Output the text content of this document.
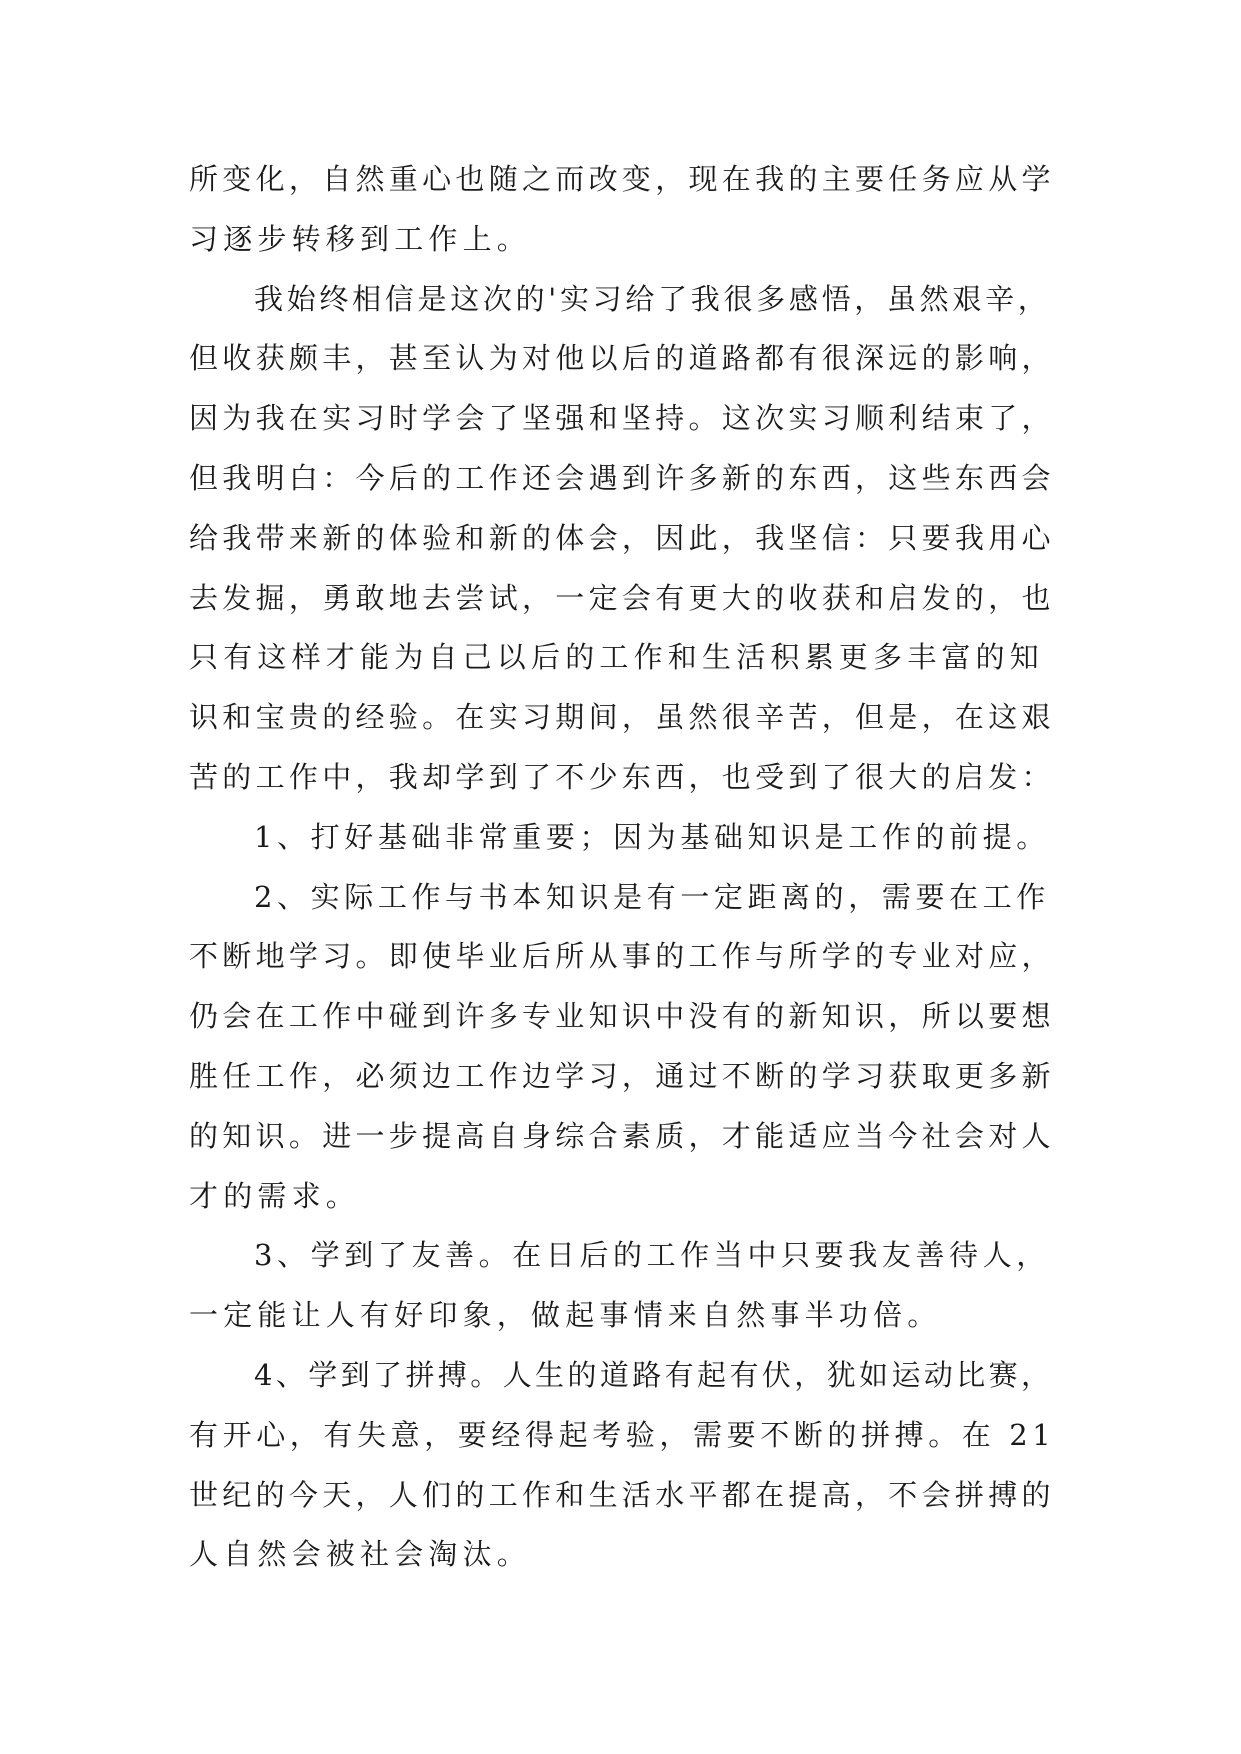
所变化，自然重心也随之而改变，现在我的主要任务应从学
习逐步转移到工作上。
我始终相信是这次的'实习给了我很多感悟，虽然艰辛，
但收获颇丰，甚至认为对他以后的道路都有很深远的影响，
因为我在实习时学会了坚强和坚持。这次实习顺利结束了，
但我明白：今后的工作还会遇到许多新的东西，这些东西会
给我带来新的体验和新的体会，因此，我坚信：只要我用心
去发掘，勇敢地去尝试，一定会有更大的收获和启发的，也
只有这样才能为自己以后的工作和生活积累更多丰富的知
识和宝贵的经验。在实习期间，虽然很辛苦，但是，在这艰
苦的工作中，我却学到了不少东西，也受到了很大的启发：
1、打好基础非常重要；因为基础知识是工作的前提。
2、实际工作与书本知识是有一定距离的，需要在工作
不断地学习。即使毕业后所从事的工作与所学的专业对应，
仍会在工作中碰到许多专业知识中没有的新知识，所以要想
胜任工作，必须边工作边学习，通过不断的学习获取更多新
的知识。进一步提高自身综合素质，才能适应当今社会对人
才的需求。
3、学到了友善。在日后的工作当中只要我友善待人，
一定能让人有好印象，做起事情来自然事半功倍。
4、学到了拼搏。人生的道路有起有伏，犹如运动比赛，
有开心，有失意，要经得起考验，需要不断的拼搏。在 21
世纪的今天，人们的工作和生活水平都在提高，不会拼搏的
人自然会被社会淘汰。
